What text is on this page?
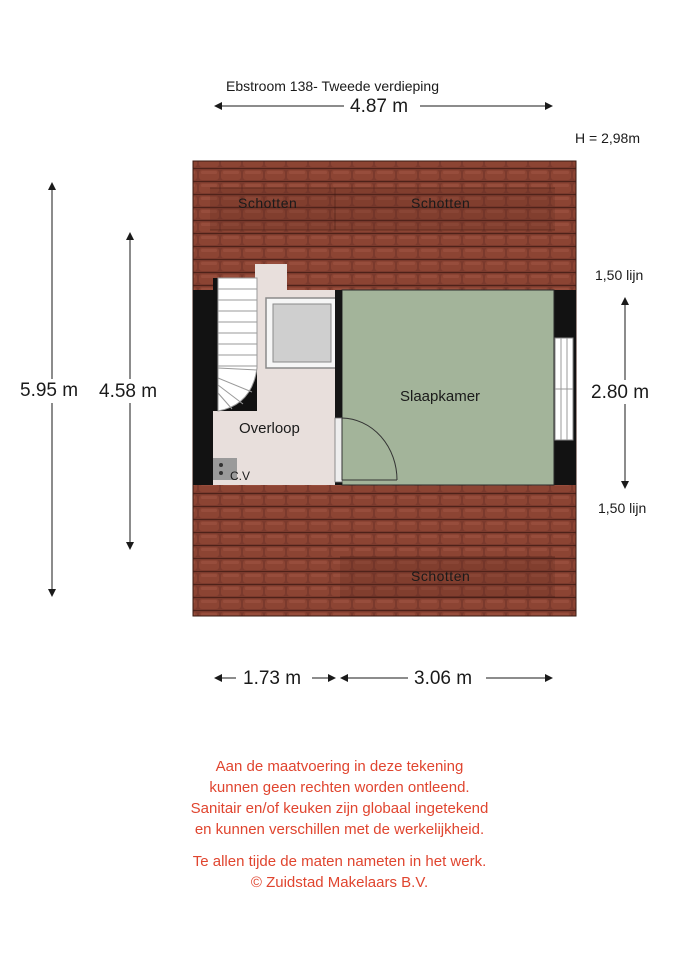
Ebstroom 138- Tweede verdieping
H = 2,98m
4.87 m
5.95 m 4.58 m	2.80 m
1,50 lijn
1,50 lijn
1.73 m	3.06 m
Schotten	Schotten
Schotten
Slaapkamer
Overloop
C.V
Aan de maatvoering in deze tekening
kunnen geen rechten worden ontleend.
Sanitair en/of keuken zijn globaal ingetekend
en kunnen verschillen met de werkelijkheid.
Te allen tijde de maten nameten in het werk.
© Zuidstad Makelaars B.V.
